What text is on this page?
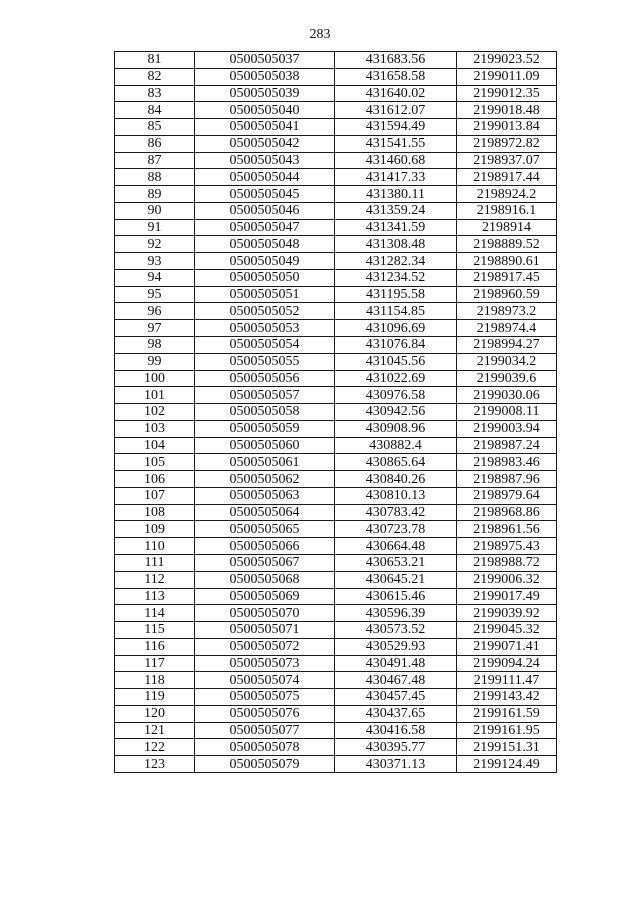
283
81	0500505037	431683.56	2199023.52
82	0500505038	431658.58	2199011.09
83	0500505039	431640.02	2199012.35
84	0500505040	431612.07	2199018.48
85	0500505041	431594.49	2199013.84
86	0500505042	431541.55	2198972.82
87	0500505043	431460.68	2198937.07
88	0500505044	431417.33	2198917.44
89	0500505045	431380.11	2198924.2
90	0500505046	431359.24	2198916.1
91	0500505047	431341.59	2198914
92	0500505048	431308.48	2198889.52
93	0500505049	431282.34	2198890.61
94	0500505050	431234.52	2198917.45
95	0500505051	431195.58	2198960.59
96	0500505052	431154.85	2198973.2
97	0500505053	431096.69	2198974.4
98	0500505054	431076.84	2198994.27
99	0500505055	431045.56	2199034.2
100	0500505056	431022.69	2199039.6
101	0500505057	430976.58	2199030.06
102	0500505058	430942.56	2199008.11
103	0500505059	430908.96	2199003.94
104	0500505060	430882.4	2198987.24
105	0500505061	430865.64	2198983.46
106	0500505062	430840.26	2198987.96
107	0500505063	430810.13	2198979.64
108	0500505064	430783.42	2198968.86
109	0500505065	430723.78	2198961.56
110	0500505066	430664.48	2198975.43
111	0500505067	430653.21	2198988.72
112	0500505068	430645.21	2199006.32
113	0500505069	430615.46	2199017.49
114	0500505070	430596.39	2199039.92
115	0500505071	430573.52	2199045.32
116	0500505072	430529.93	2199071.41
117	0500505073	430491.48	2199094.24
118	0500505074	430467.48	2199111.47
119	0500505075	430457.45	2199143.42
120	0500505076	430437.65	2199161.59
121	0500505077	430416.58	2199161.95
122	0500505078	430395.77	2199151.31
123	0500505079	430371.13	2199124.49
